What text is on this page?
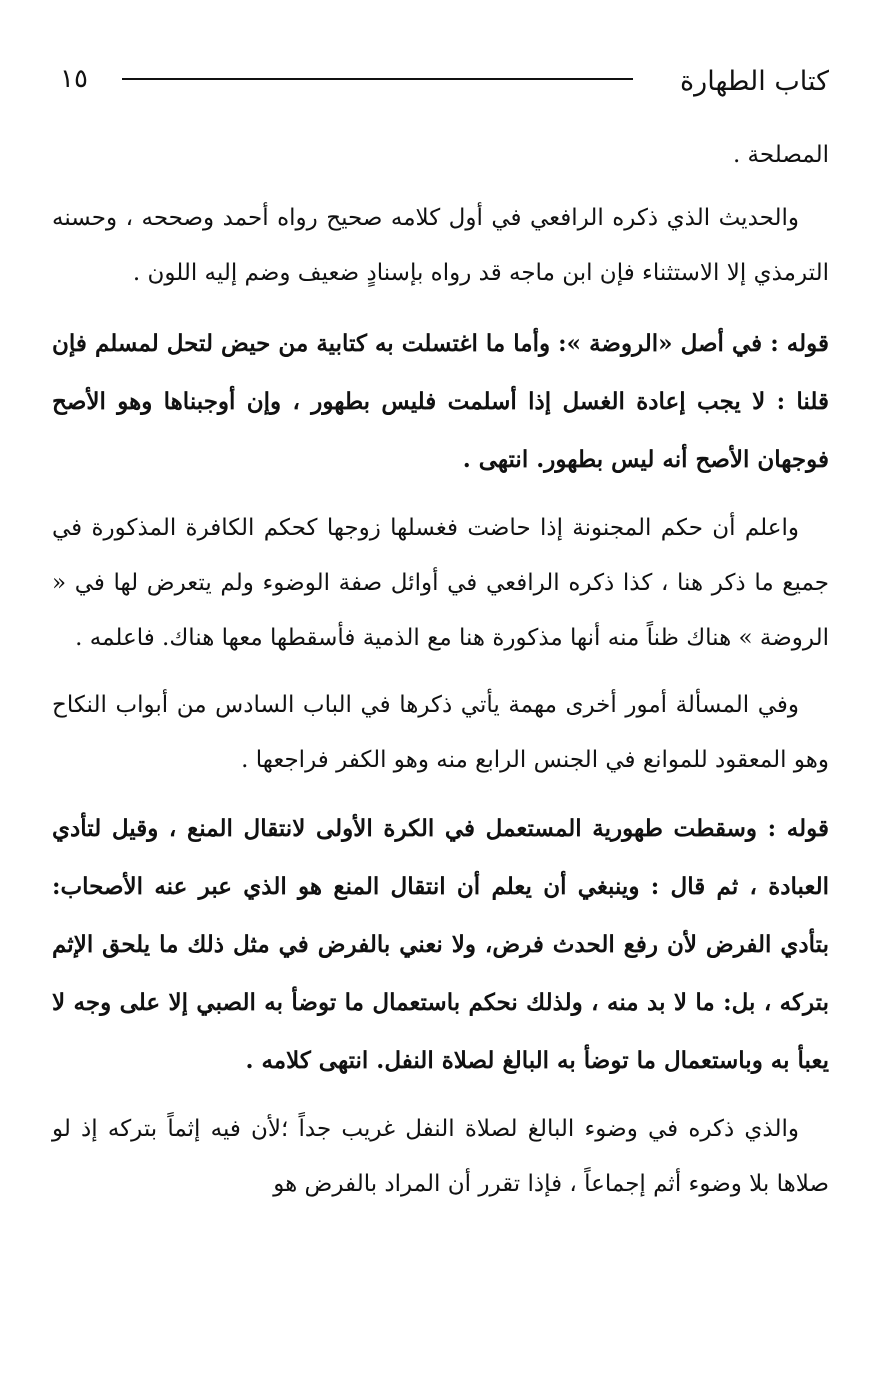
كتاب الطهارة
١٥

المصلحة .

والحديث الذي ذكره الرافعي في أول كلامه صحيح رواه أحمد وصححه ، وحسنه الترمذي إلا الاستثناء فإن ابن ماجه قد رواه بإسنادٍ ضعيف وضم إليه اللون .

قوله : في أصل «الروضة »: وأما ما اغتسلت به كتابية من حيض لتحل لمسلم فإن قلنا : لا يجب إعادة الغسل إذا أسلمت فليس بطهور ، وإن أوجبناها وهو الأصح فوجهان الأصح أنه ليس بطهور. انتهى .

واعلم أن حكم المجنونة إذا حاضت فغسلها زوجها كحكم الكافرة المذكورة في جميع ما ذكر هنا ، كذا ذكره الرافعي في أوائل صفة الوضوء ولم يتعرض لها في « الروضة » هناك ظناً منه أنها مذكورة هنا مع الذمية فأسقطها معها هناك. فاعلمه .

وفي المسألة أمور أخرى مهمة يأتي ذكرها في الباب السادس من أبواب النكاح وهو المعقود للموانع في الجنس الرابع منه وهو الكفر فراجعها .

قوله : وسقطت طهورية المستعمل في الكرة الأولى لانتقال المنع ، وقيل لتأدي العبادة ، ثم قال : وينبغي أن يعلم أن انتقال المنع هو الذي عبر عنه الأصحاب: بتأدي الفرض لأن رفع الحدث فرض، ولا نعني بالفرض في مثل ذلك ما يلحق الإثم بتركه ، بل: ما لا بد منه ، ولذلك نحكم باستعمال ما توضأ به الصبي إلا على وجه لا يعبأ به وباستعمال ما توضأ به البالغ لصلاة النفل. انتهى كلامه .

والذي ذكره في وضوء البالغ لصلاة النفل غريب جداً ؛لأن فيه إثماً بتركه إذ لو صلاها بلا وضوء أثم إجماعاً ، فإذا تقرر أن المراد بالفرض هو
